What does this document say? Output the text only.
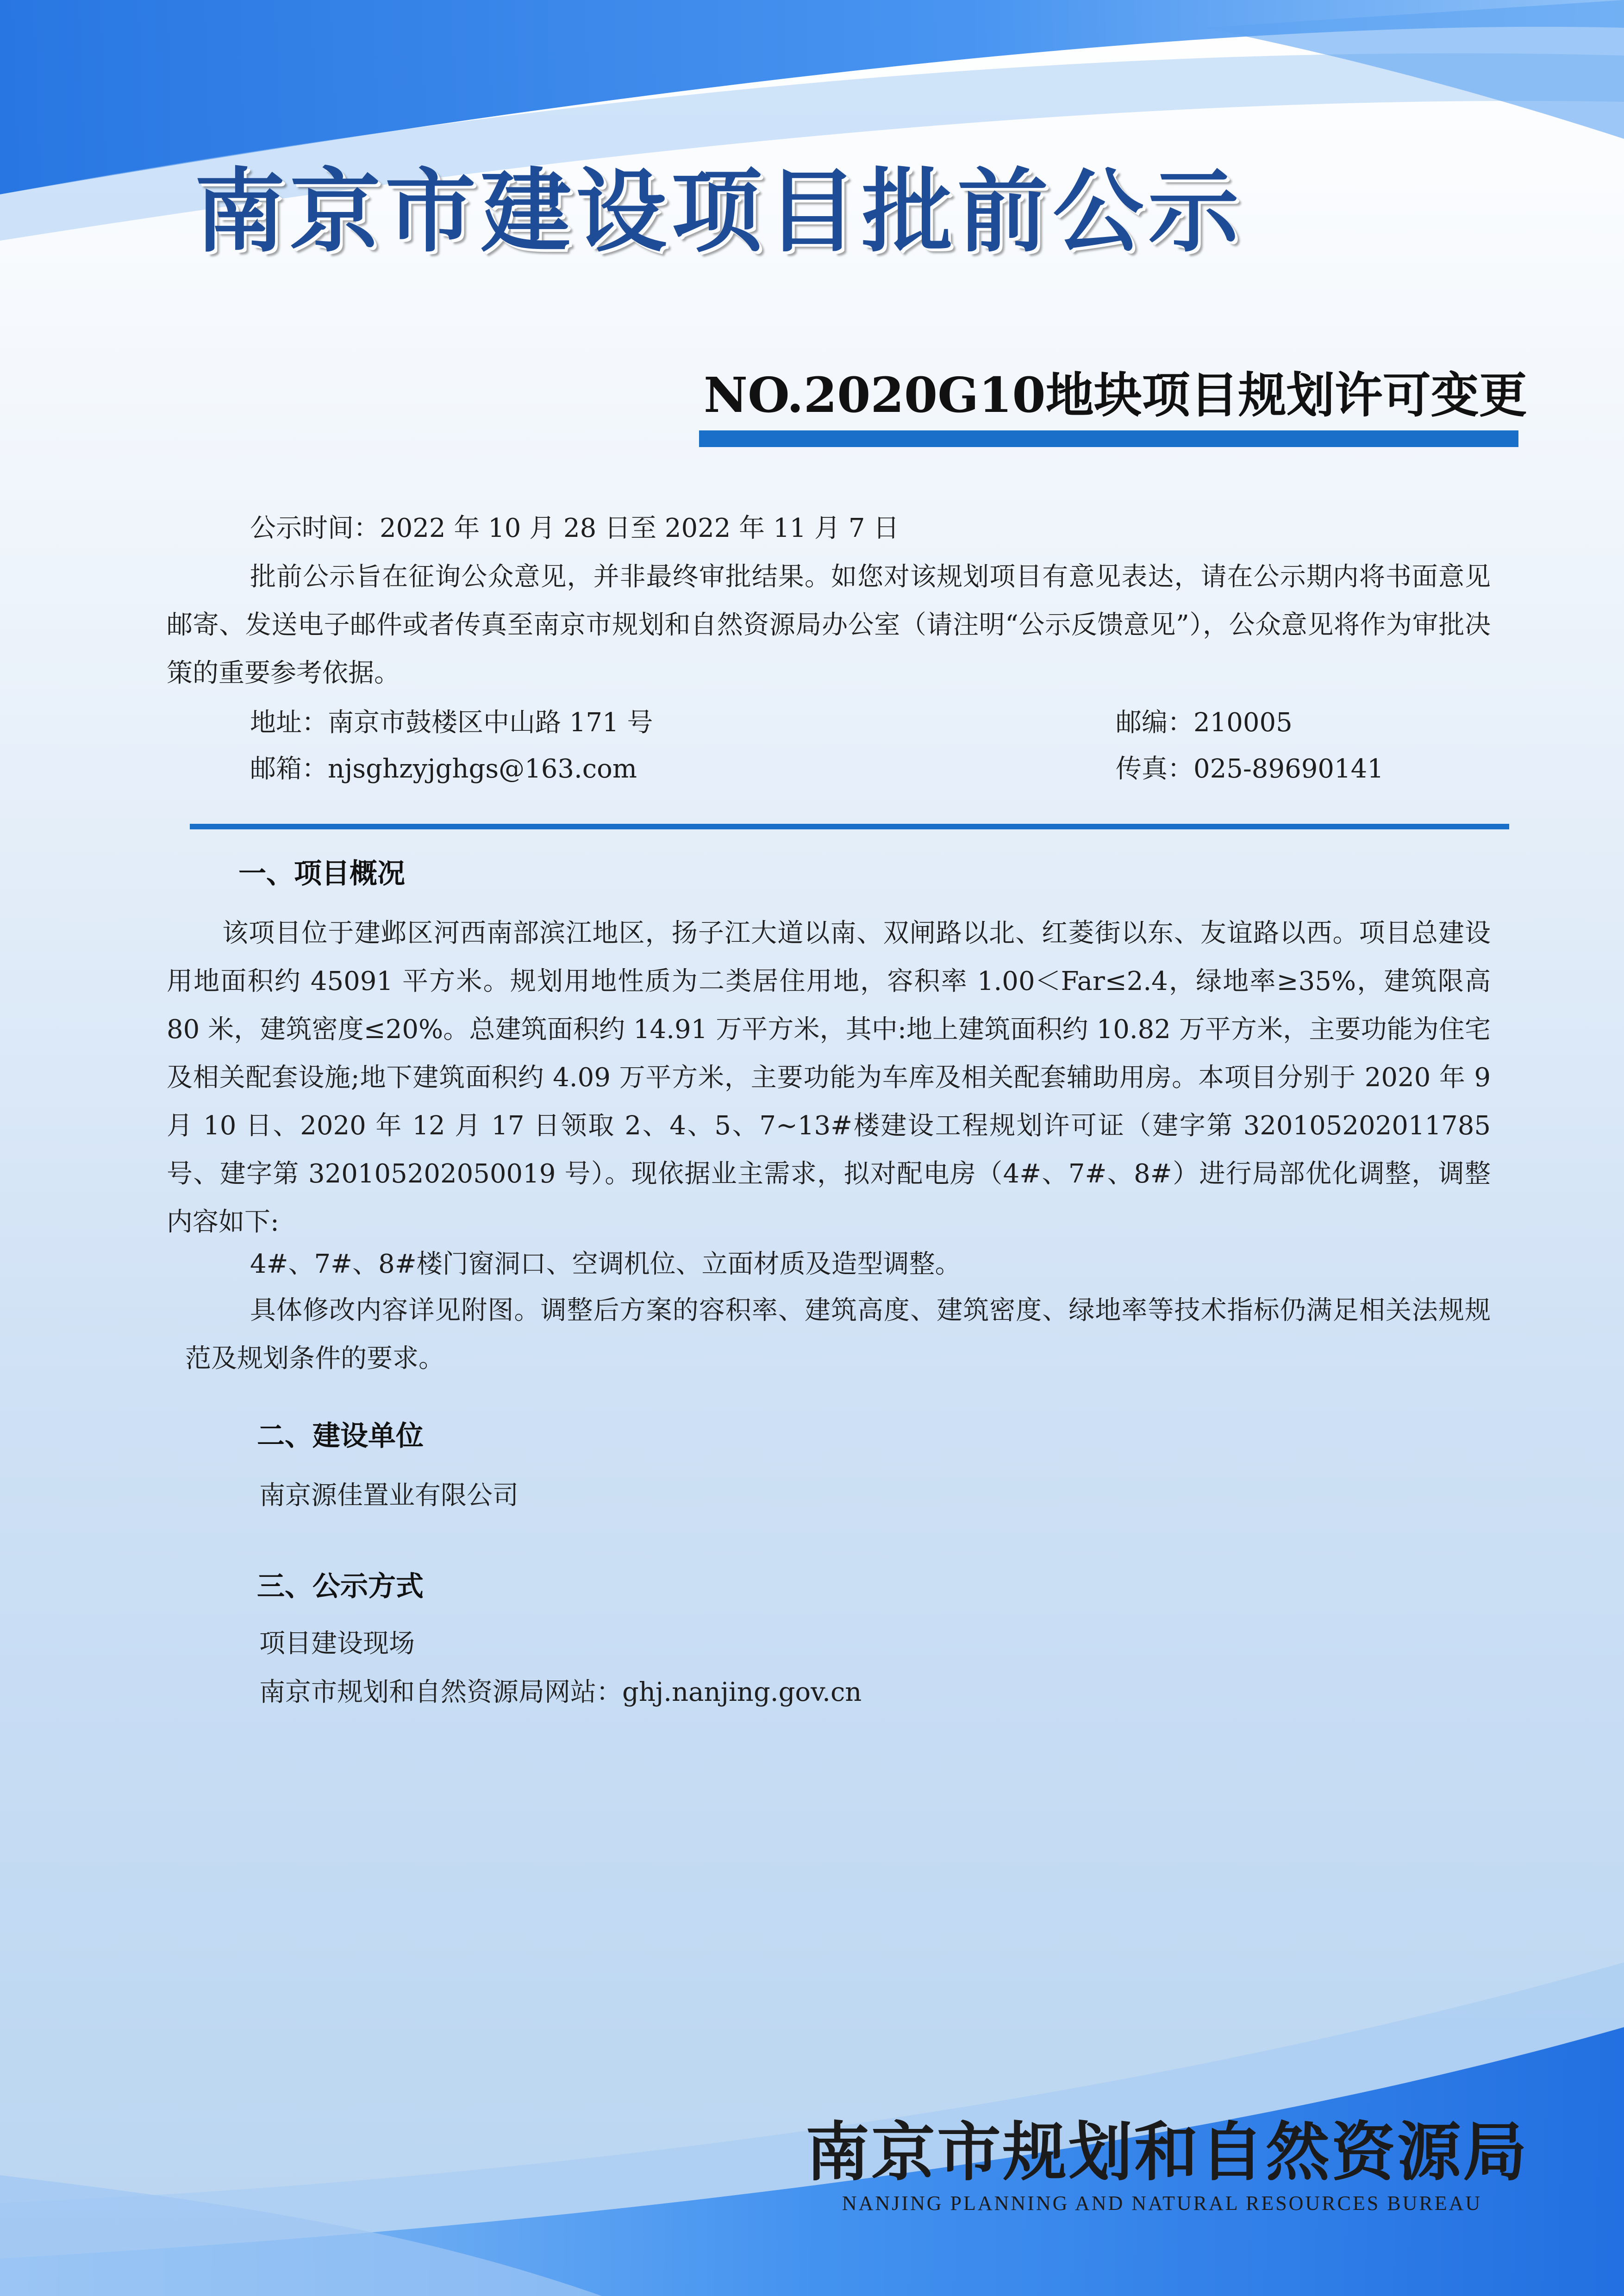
南京市建设项目批前公示
NO.2020G10地块项目规划许可变更
公示时间：2022 年 10 月 28 日至 2022 年 11 月 7 日
批前公示旨在征询公众意见，并非最终审批结果。如您对该规划项目有意见表达，请在公示期内将书面意见邮寄、发送电子邮件或者传真至南京市规划和自然资源局办公室（请注明“公示反馈意见”），公众意见将作为审批决策的重要参考依据。
地址：南京市鼓楼区中山路 171 号	邮编：210005
邮箱：njsghzyjghgs@163.com	传真：025-89690141
一、项目概况
该项目位于建邺区河西南部滨江地区，扬子江大道以南、双闸路以北、红菱街以东、友谊路以西。项目总建设用地面积约 45091 平方米。规划用地性质为二类居住用地，容积率 1.00＜Far≤2.4，绿地率≥35%，建筑限高 80 米，建筑密度≤20%。总建筑面积约 14.91 万平方米，其中:地上建筑面积约 10.82 万平方米，主要功能为住宅及相关配套设施;地下建筑面积约 4.09 万平方米，主要功能为车库及相关配套辅助用房。本项目分别于 2020 年 9 月 10 日、2020 年 12 月 17 日领取 2、4、5、7~13#楼建设工程规划许可证（建字第 320105202011785 号、建字第 320105202050019 号）。现依据业主需求，拟对配电房（4#、7#、8#）进行局部优化调整，调整内容如下:
4#、7#、8#楼门窗洞口、空调机位、立面材质及造型调整。
具体修改内容详见附图。调整后方案的容积率、建筑高度、建筑密度、绿地率等技术指标仍满足相关法规规范及规划条件的要求。
二、建设单位
南京源佳置业有限公司
三、公示方式
项目建设现场
南京市规划和自然资源局网站：ghj.nanjing.gov.cn
南京市规划和自然资源局
NANJING PLANNING AND NATURAL RESOURCES BUREAU
